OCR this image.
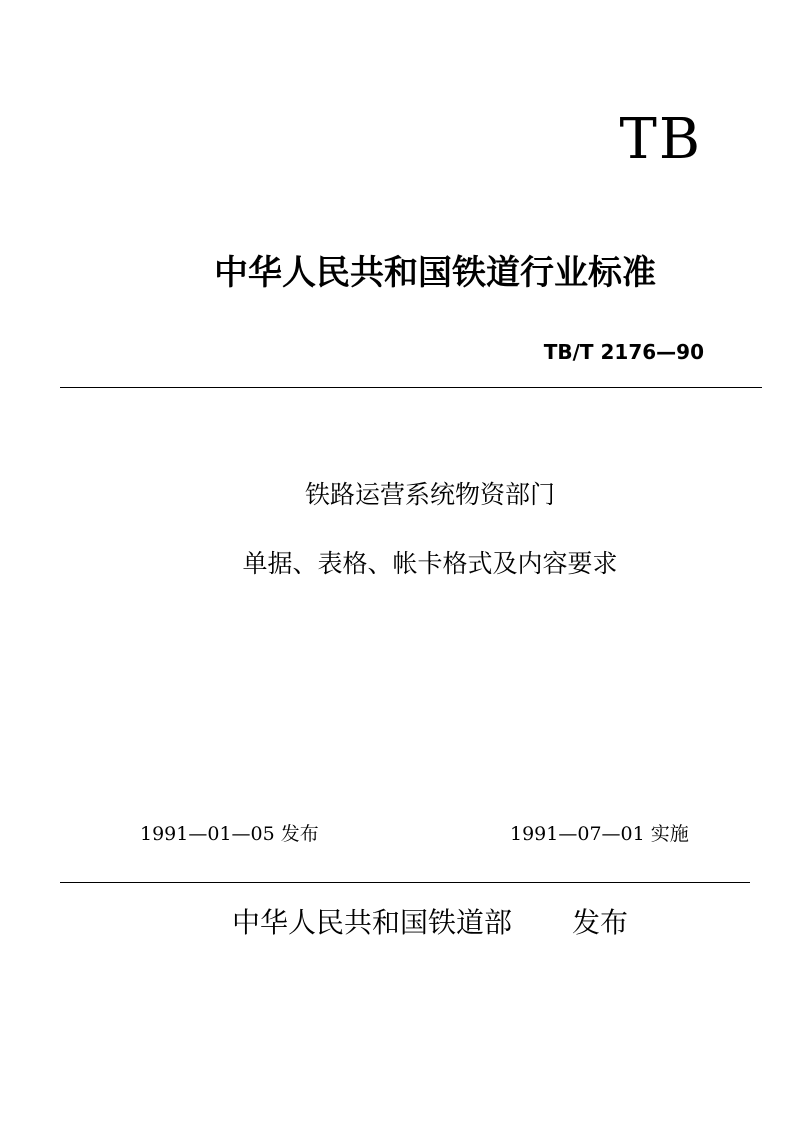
TB
中华人民共和国铁道行业标准
TB/T 2176—90
铁路运营系统物资部门
单据、表格、帐卡格式及内容要求
1991—01—05 发布	1991—07—01 实施
中华人民共和国铁道部 发布
